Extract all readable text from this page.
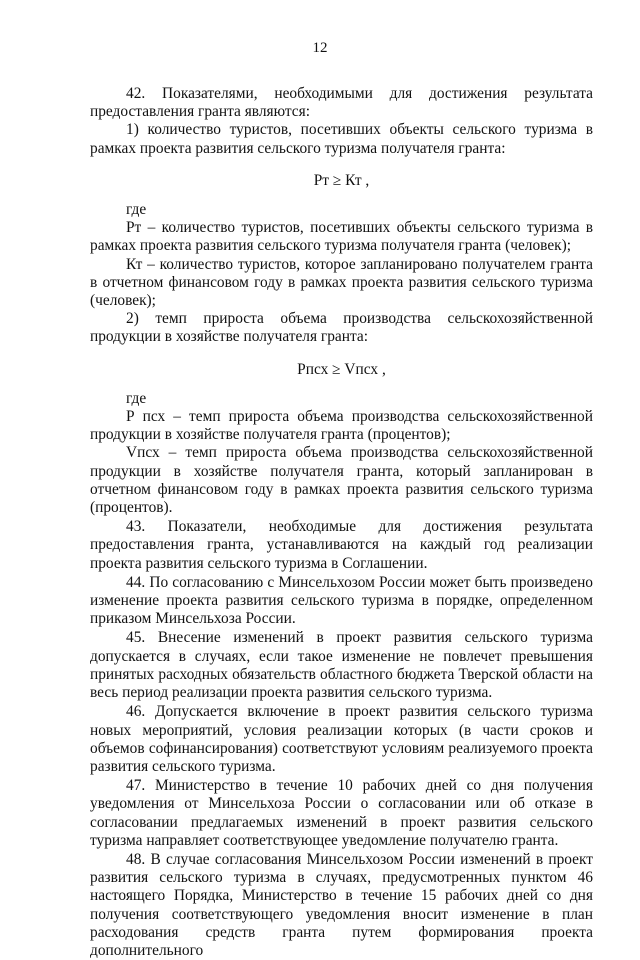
12

42. Показателями, необходимыми для достижения результата предоставления гранта являются:

1) количество туристов, посетивших объекты сельского туризма в рамках проекта развития сельского туризма получателя гранта:

Рт ≥ Кт ,

где

Рт – количество туристов, посетивших объекты сельского туризма в рамках проекта развития сельского туризма получателя гранта (человек);

Кт – количество туристов, которое запланировано получателем гранта в отчетном финансовом году в рамках проекта развития сельского туризма (человек);

2) темп прироста объема производства сельскохозяйственной продукции в хозяйстве получателя гранта:

Рпсх ≥ Vпсх ,

где

Р псх – темп прироста объема производства сельскохозяйственной продукции в хозяйстве получателя гранта (процентов);

Vпсх – темп прироста объема производства сельскохозяйственной продукции в хозяйстве получателя гранта, который запланирован в отчетном финансовом году в рамках проекта развития сельского туризма (процентов).

43. Показатели, необходимые для достижения результата предоставления гранта, устанавливаются на каждый год реализации проекта развития сельского туризма в Соглашении.

44. По согласованию с Минсельхозом России может быть произведено изменение проекта развития сельского туризма в порядке, определенном приказом Минсельхоза России.

45. Внесение изменений в проект развития сельского туризма допускается в случаях, если такое изменение не повлечет превышения принятых расходных обязательств областного бюджета Тверской области на весь период реализации проекта развития сельского туризма.

46. Допускается включение в проект развития сельского туризма новых мероприятий, условия реализации которых (в части сроков и объемов софинансирования) соответствуют условиям реализуемого проекта развития сельского туризма.

47. Министерство в течение 10 рабочих дней со дня получения уведомления от Минсельхоза России о согласовании или об отказе в согласовании предлагаемых изменений в проект развития сельского туризма направляет соответствующее уведомление получателю гранта.

48. В случае согласования Минсельхозом России изменений в проект развития сельского туризма в случаях, предусмотренных пунктом 46 настоящего Порядка, Министерство в течение 15 рабочих дней со дня получения соответствующего уведомления вносит изменение в план расходования средств гранта путем формирования проекта дополнительного
